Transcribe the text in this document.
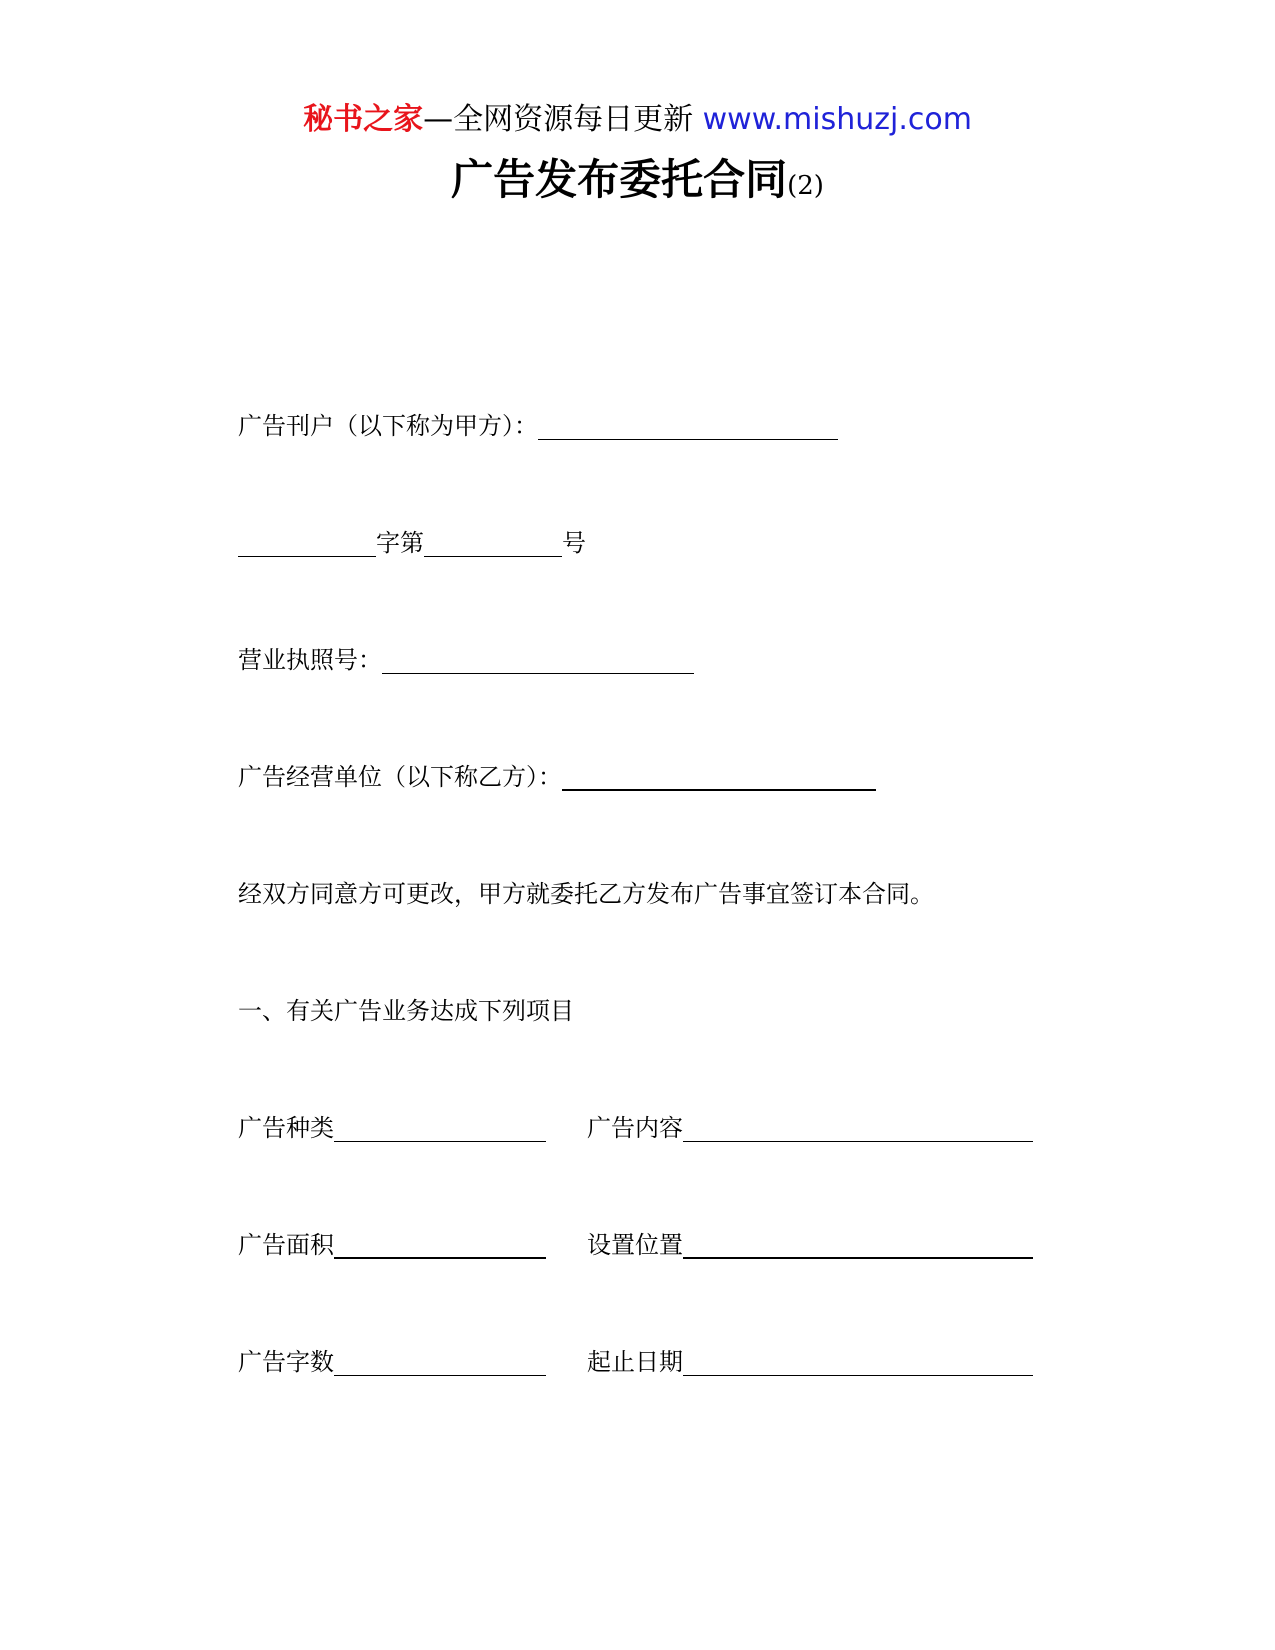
秘书之家—全网资源每日更新 www.mishuzj.com
广告发布委托合同(2)
广告刊户（以下称为甲方）：
字第	号
营业执照号：
广告经营单位（以下称乙方）：
经双方同意方可更改，甲方就委托乙方发布广告事宜签订本合同。
一、有关广告业务达成下列项目
广告种类	广告内容
广告面积	设置位置
广告字数	起止日期
